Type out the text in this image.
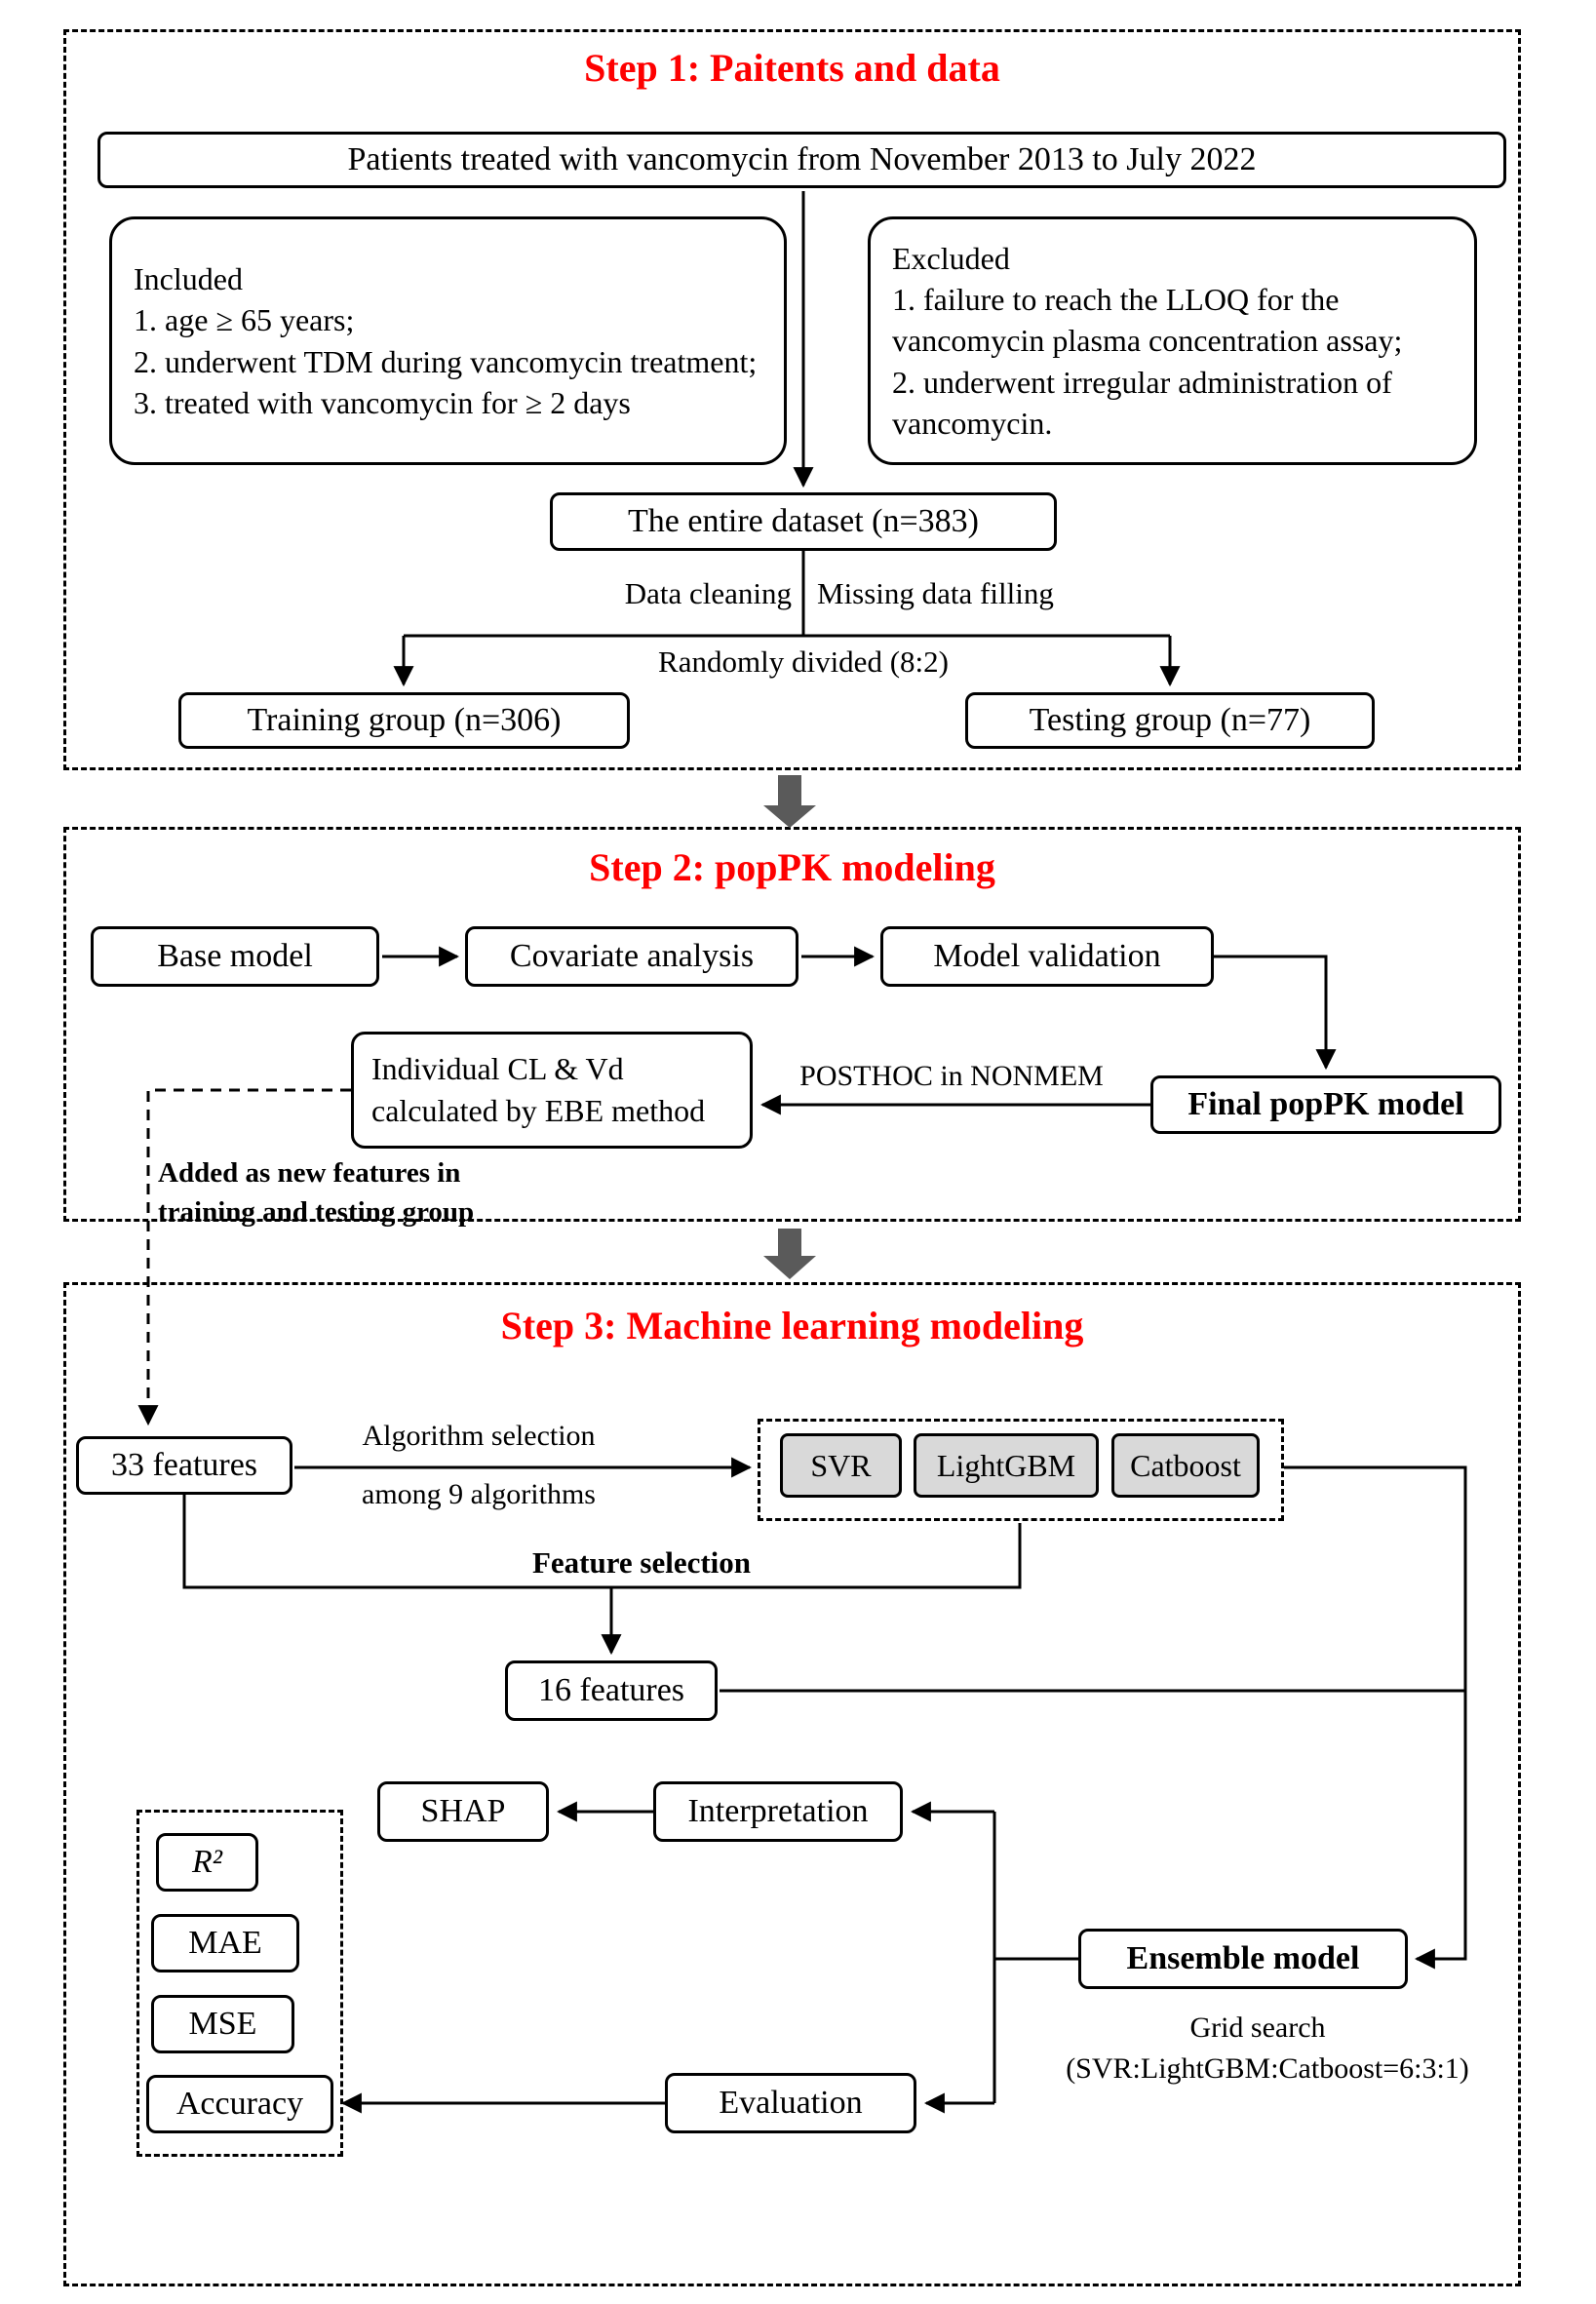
Step 1: Paitents and data
Patients treated with vancomycin from November 2013 to July 2022
Included
1. age ≥ 65 years;
2. underwent TDM during vancomycin treatment;
3. treated with vancomycin for ≥ 2 days
Excluded
1. failure to reach the LLOQ for the vancomycin plasma concentration assay;
2. underwent irregular administration of vancomycin.
The entire dataset (n=383)
Data cleaning Missing data filling
Randomly divided (8:2)
Training group (n=306)	Testing group (n=77)
Step 2: popPK modeling
Base model	Covariate analysis	Model validation
Final popPK model
POSTHOC in NONMEM
Individual CL & Vd
calculated by EBE method
Added as new features in
training and testing group
Step 3: Machine learning modeling
33 features
Algorithm selection
among 9 algorithms
SVR	LightGBM	Catboost
Feature selection
16 features
SHAP	Interpretation
Ensemble model
Grid search
(SVR:LightGBM:Catboost=6:3:1)
Evaluation
R²
MAE
MSE
Accuracy
